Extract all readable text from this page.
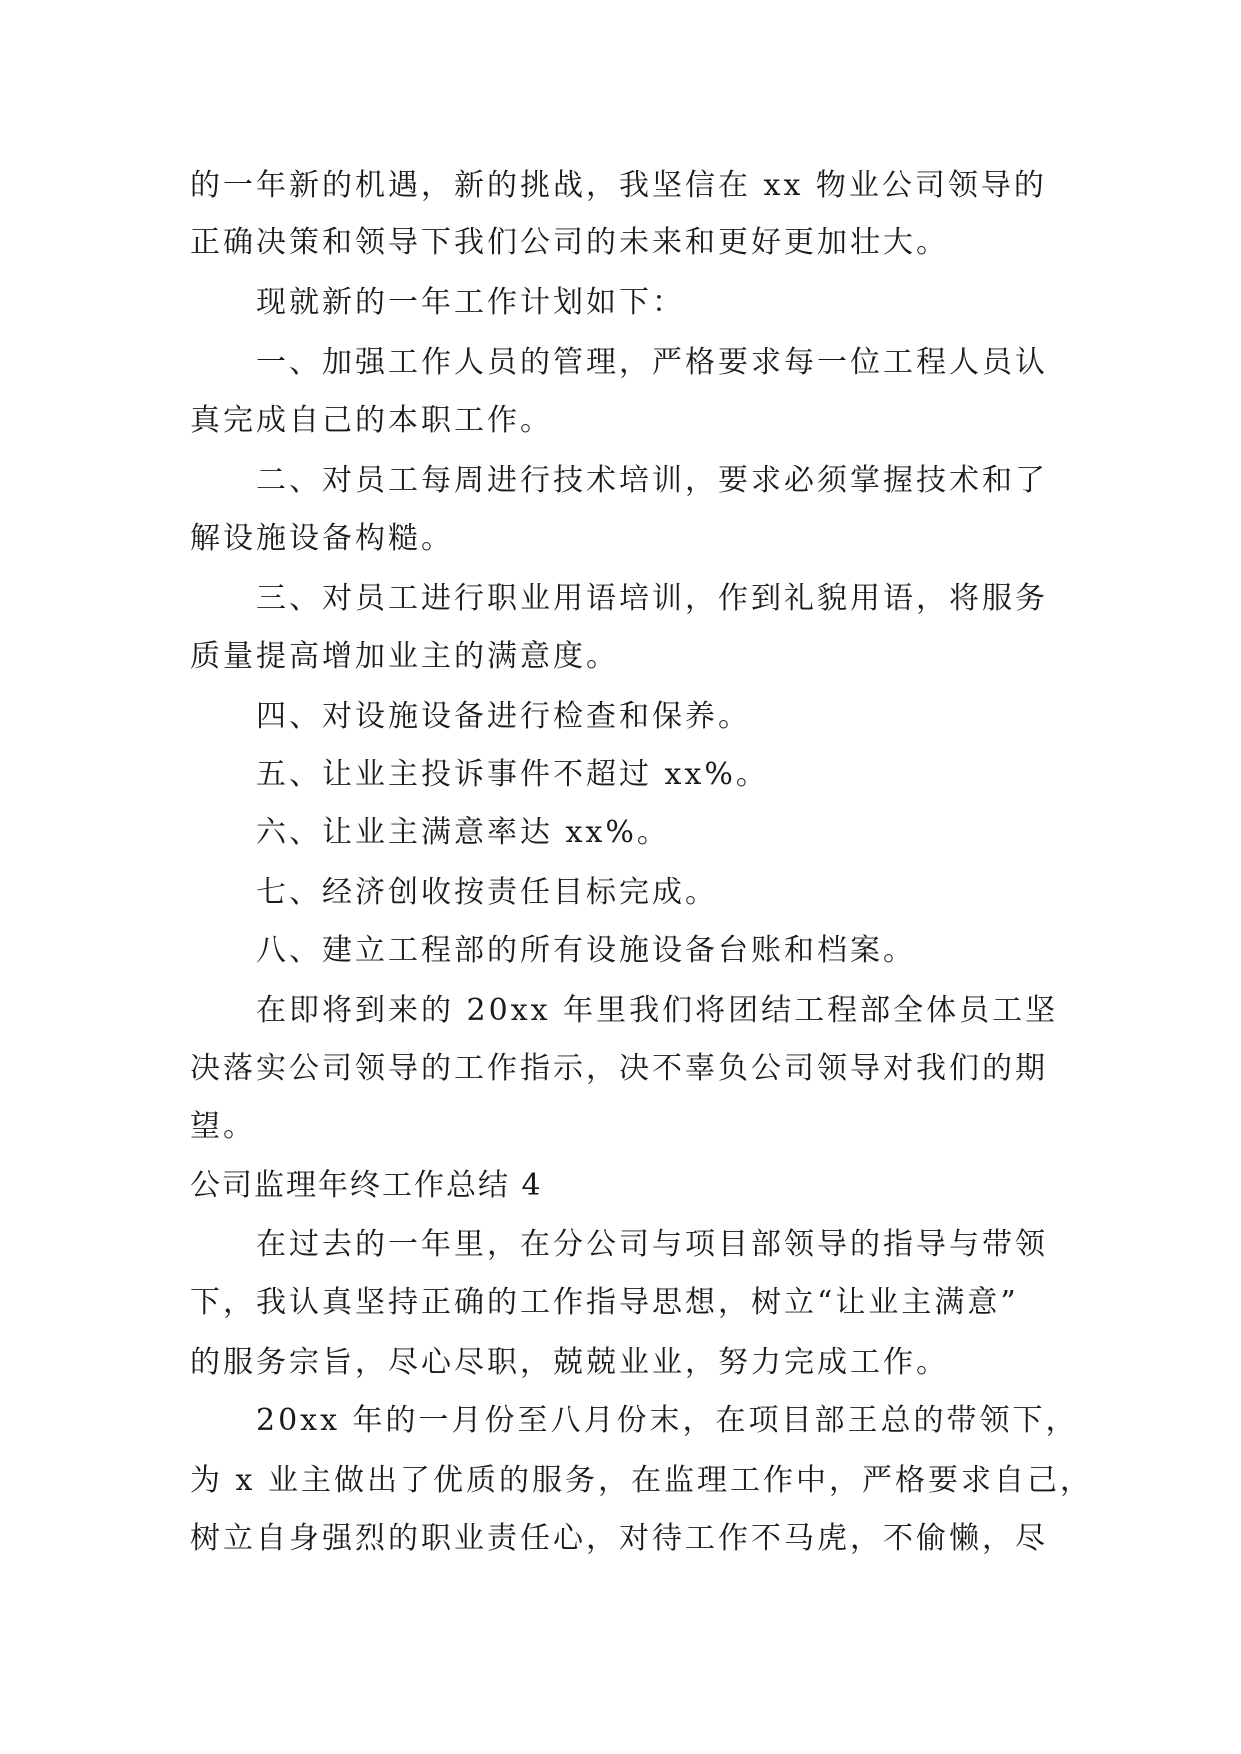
的一年新的机遇，新的挑战，我坚信在 xx 物业公司领导的

正确决策和领导下我们公司的未来和更好更加壮大。

现就新的一年工作计划如下：

一、加强工作人员的管理，严格要求每一位工程人员认

真完成自己的本职工作。

二、对员工每周进行技术培训，要求必须掌握技术和了

解设施设备构糙。

三、对员工进行职业用语培训，作到礼貌用语，将服务

质量提高增加业主的满意度。

四、对设施设备进行检查和保养。

五、让业主投诉事件不超过 xx%。

六、让业主满意率达 xx%。

七、经济创收按责任目标完成。

八、建立工程部的所有设施设备台账和档案。

在即将到来的 20xx 年里我们将团结工程部全体员工坚

决落实公司领导的工作指示，决不辜负公司领导对我们的期

望。

公司监理年终工作总结 4

在过去的一年里，在分公司与项目部领导的指导与带领

下，我认真坚持正确的工作指导思想，树立“让业主满意”

的服务宗旨，尽心尽职，兢兢业业，努力完成工作。

20xx 年的一月份至八月份末，在项目部王总的带领下，

为 x 业主做出了优质的服务，在监理工作中，严格要求自己，

树立自身强烈的职业责任心，对待工作不马虎，不偷懒，尽
